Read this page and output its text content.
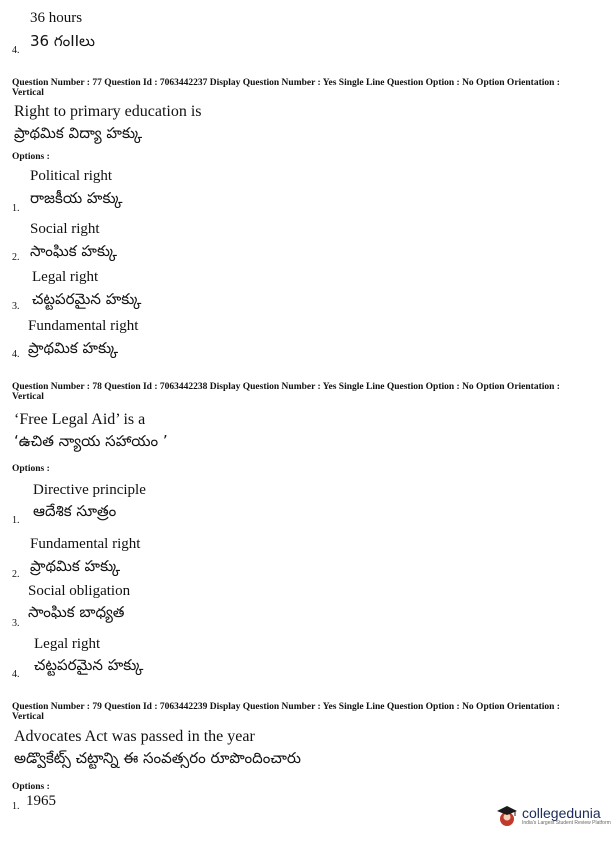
36 hours
36 గంIIలు
4.
Question Number : 77 Question Id : 7063442237 Display Question Number : Yes Single Line Question Option : No Option Orientation : Vertical
Right to primary education is
ప్రాథమిక విద్యా హక్కు
Options :
Political right
రాజకీయ హక్కు
1.
Social right
సాంఘిక హక్కు
2.
Legal right
చట్టపరమైన హక్కు
3.
Fundamental right
ప్రాథమిక హక్కు
4.
Question Number : 78 Question Id : 7063442238 Display Question Number : Yes Single Line Question Option : No Option Orientation : Vertical
‘Free Legal Aid’ is a
‘ఉచిత న్యాయ సహాయం ’
Options :
Directive principle
ఆదేశిక సూత్రం
1.
Fundamental right
ప్రాథమిక హక్కు
2.
Social obligation
సాంఘిక బాధ్యత
3.
Legal right
చట్టపరమైన హక్కు
4.
Question Number : 79 Question Id : 7063442239 Display Question Number : Yes Single Line Question Option : No Option Orientation : Vertical
Advocates Act was passed in the year
అడ్వొకేట్స్ చట్టాన్ని ఈ సంవత్సరం రూపొందించారు
Options :
1. 1965
collegedunia
India's Largest Student Review Platform
